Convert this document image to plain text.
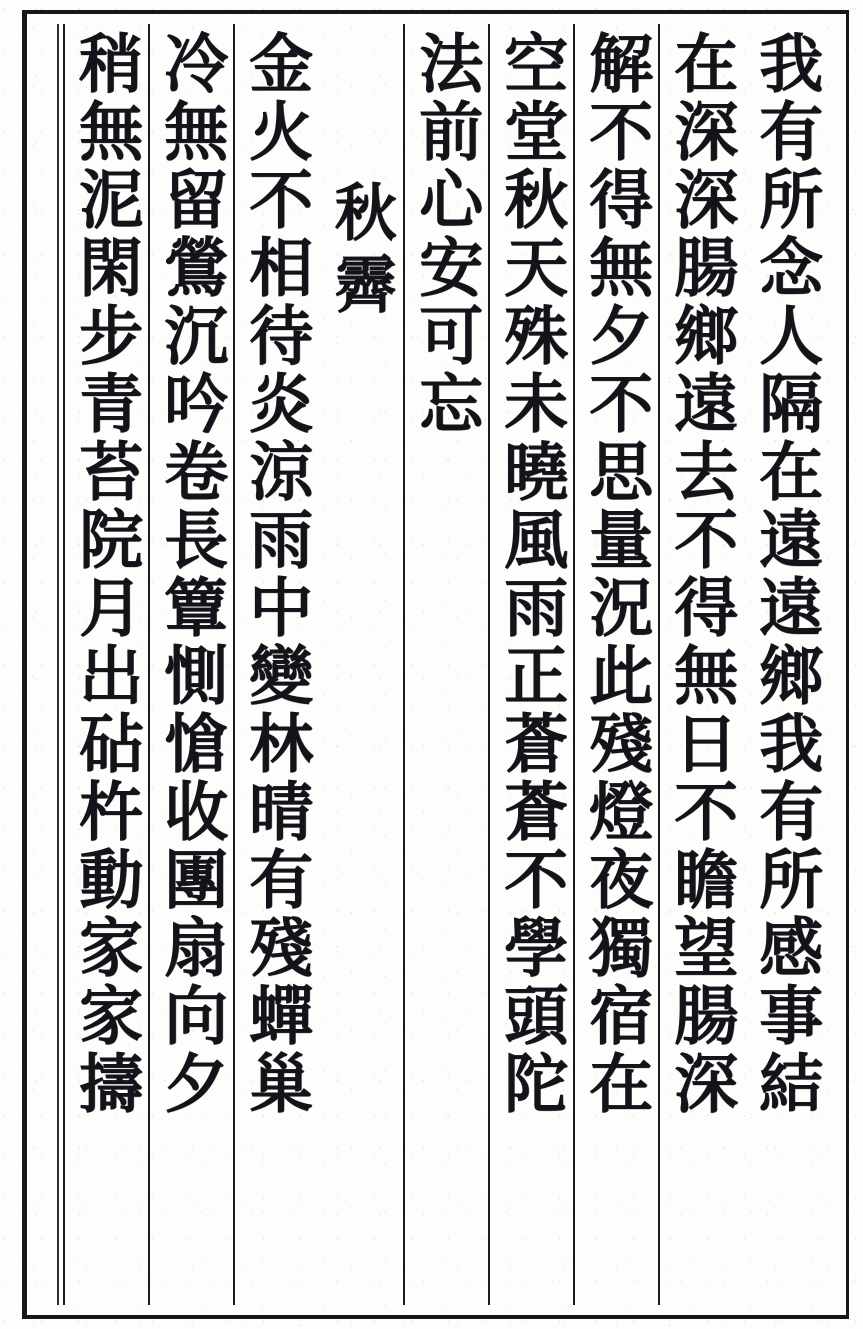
我有所念人隔在遠遠鄉我有所感事結
在深深腸鄉遠去不得無日不瞻望腸深
解不得無夕不思量況此殘燈夜獨宿在
空堂秋天殊未曉風雨正蒼蒼不學頭陀
法前心安可忘
秋霽
金火不相待炎涼雨中變林晴有殘蟬巢
冷無留鶯沉吟卷長簟惻愴收團扇向夕
稍無泥閑步青苔院月出砧杵動家家擣
